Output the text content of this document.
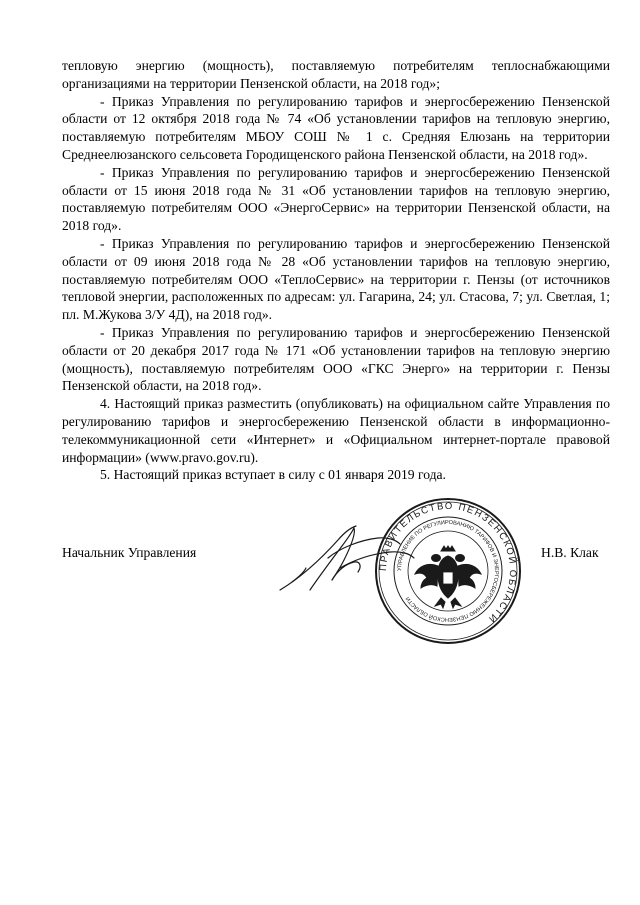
тепловую энергию (мощность), поставляемую потребителям теплоснабжающими организациями на территории Пензенской области, на 2018 год»;

- Приказ Управления по регулированию тарифов и энергосбережению Пензенской области от 12 октября 2018 года № 74 «Об установлении тарифов на тепловую энергию, поставляемую потребителям МБОУ СОШ № 1 с. Средняя Елюзань на территории Среднеелюзанского сельсовета Городищенского района Пензенской области, на 2018 год».

- Приказ Управления по регулированию тарифов и энергосбережению Пензенской области от 15 июня 2018 года № 31 «Об установлении тарифов на тепловую энергию, поставляемую потребителям ООО «ЭнергоСервис» на территории Пензенской области, на 2018 год».

- Приказ Управления по регулированию тарифов и энергосбережению Пензенской области от 09 июня 2018 года № 28 «Об установлении тарифов на тепловую энергию, поставляемую потребителям ООО «ТеплоСервис» на территории г. Пензы (от источников тепловой энергии, расположенных по адресам: ул. Гагарина, 24; ул. Стасова, 7; ул. Светлая, 1; пл. М.Жукова 3/У 4Д), на 2018 год».

- Приказ Управления по регулированию тарифов и энергосбережению Пензенской области от 20 декабря 2017 года № 171 «Об установлении тарифов на тепловую энергию (мощность), поставляемую потребителям ООО «ГКС Энерго» на территории г. Пензы Пензенской области, на 2018 год».

4. Настоящий приказ разместить (опубликовать) на официальном сайте Управления по регулированию тарифов и энергосбережению Пензенской области в информационно-телекоммуникационной сети «Интернет» и «Официальном интернет-портале правовой информации» (www.pravo.gov.ru).

5. Настоящий приказ вступает в силу с 01 января 2019 года.

Начальник Управления	Н.В. Клак
ПРАВИТЕЛЬСТВО ПЕНЗЕНСКОЙ ОБЛАСТИ
УПРАВЛЕНИЕ ПО РЕГУЛИРОВАНИЮ ТАРИФОВ И ЭНЕРГОСБЕРЕЖЕНИЮ ПЕНЗЕНСКОЙ ОБЛАСТИ
